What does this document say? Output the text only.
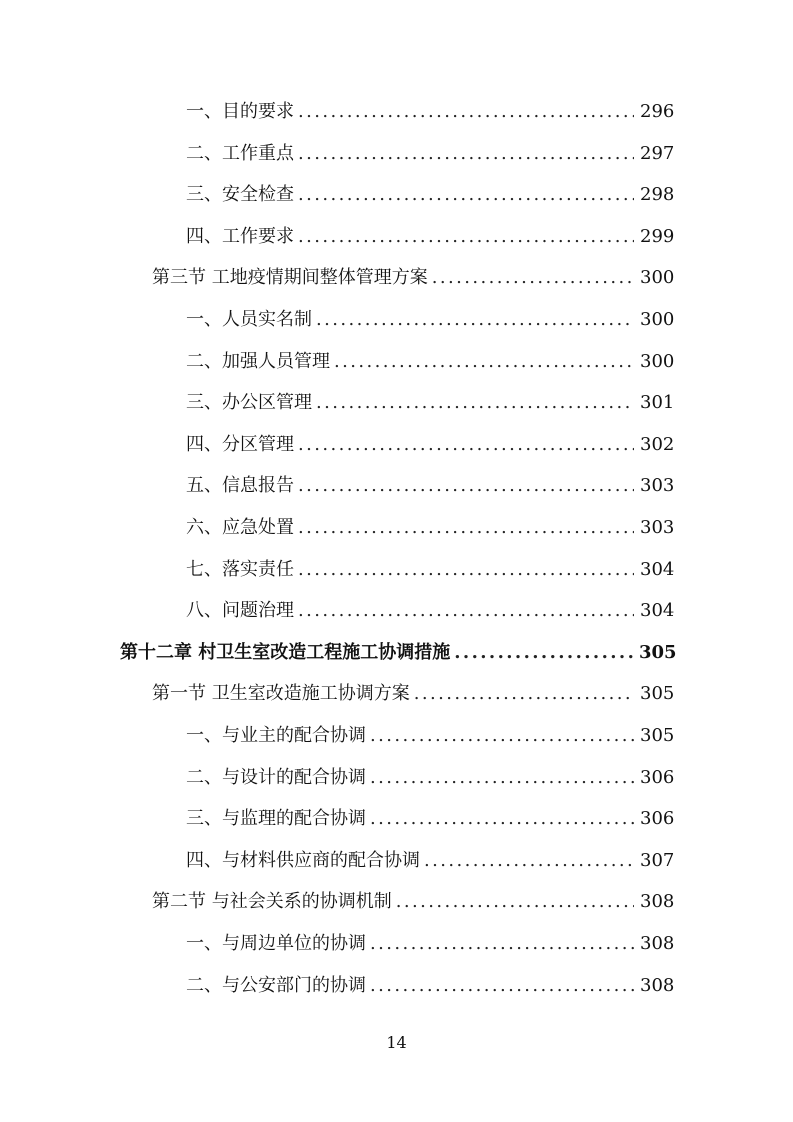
一、目的要求 .....	296
二、工作重点 .....	297
三、安全检查 .....	298
四、工作要求 .....	299
第三节 工地疫情期间整体管理方案 .....	300
一、人员实名制 .....	300
二、加强人员管理 .....	300
三、办公区管理 .....	301
四、分区管理 .....	302
五、信息报告 .....	303
六、应急处置 .....	303
七、落实责任 .....	304
八、问题治理 .....	304
第十二章 村卫生室改造工程施工协调措施 .....	305
第一节 卫生室改造施工协调方案 .....	305
一、与业主的配合协调 .....	305
二、与设计的配合协调 .....	306
三、与监理的配合协调 .....	306
四、与材料供应商的配合协调 .....	307
第二节 与社会关系的协调机制 .....	308
一、与周边单位的协调 .....	308
二、与公安部门的协调 .....	308
14
